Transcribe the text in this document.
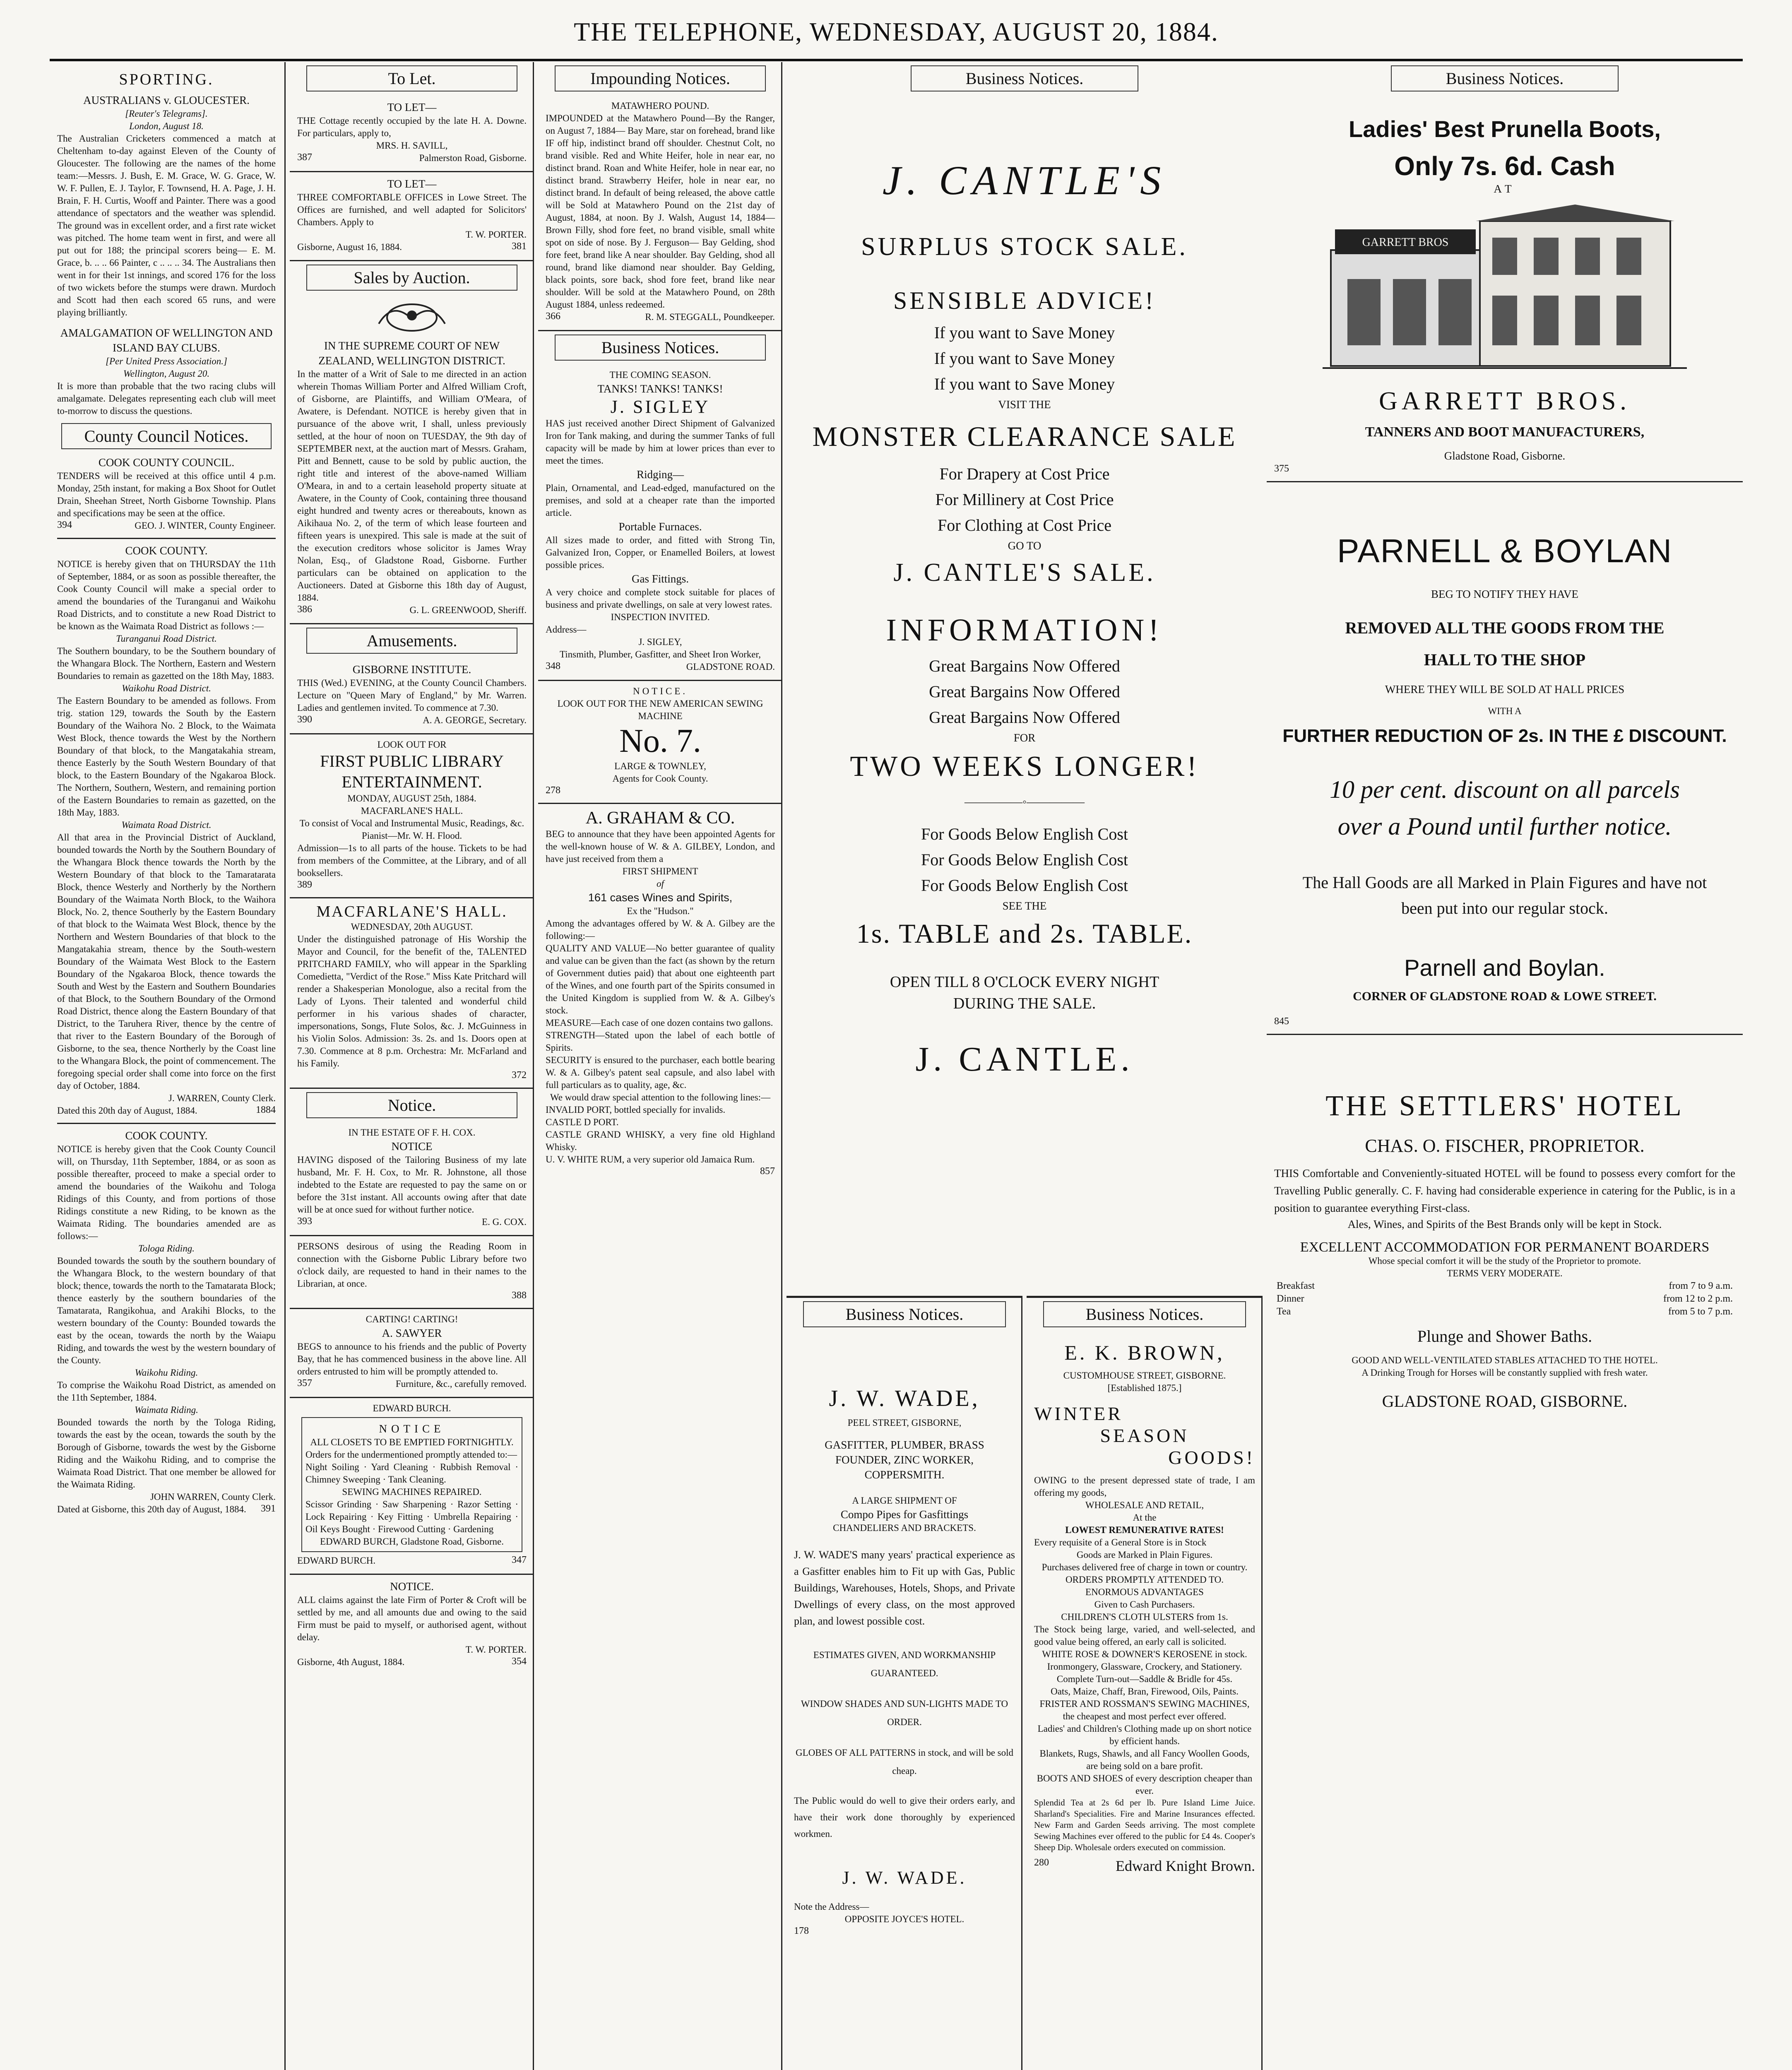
THE TELEPHONE, WEDNESDAY, AUGUST 20, 1884.
SPORTING.
AUSTRALIANS v. GLOUCESTER.
[Reuter's Telegrams].
London, August 18.
The Australian Cricketers commenced a match at Cheltenham to-day against Eleven of the County of Gloucester. The following are the names of the home team:—Messrs. J. Bush, E. M. Grace, W. G. Grace, W. W. F. Pullen, E. J. Taylor, F. Townsend, H. A. Page, J. H. Brain, F. H. Curtis, Wooff and Painter. There was a good attendance of spectators and the weather was splendid. The ground was in excellent order, and a first rate wicket was pitched. The home team went in first, and were all put out for 188; the principal scorers being— E. M. Grace, b. .. .. 66 Painter, c .. .. .. 34. The Australians then went in for their 1st innings, and scored 176 for the loss of two wickets before the stumps were drawn. Murdoch and Scott had then each scored 65 runs, and were playing brilliantly.
AMALGAMATION OF WELLINGTON AND ISLAND BAY CLUBS.
[Per United Press Association.]
Wellington, August 20.
It is more than probable that the two racing clubs will amalgamate. Delegates representing each club will meet to-morrow to discuss the questions.
County Council Notices.
COOK COUNTY COUNCIL.
TENDERS will be received at this office until 4 p.m. Monday, 25th instant, for making a Box Shoot for Outlet Drain, Sheehan Street, North Gisborne Township. Plans and specifications may be seen at the office.
394	GEO. J. WINTER, County Engineer.
COOK COUNTY.
NOTICE is hereby given that on THURSDAY the 11th of September, 1884, or as soon as possible thereafter, the Cook County Council will make a special order to amend the boundaries of the Turanganui and Waikohu Road Districts, and to constitute a new Road District to be known as the Waimata Road District as follows :—
Turanganui Road District.
The Southern boundary, to be the Southern boundary of the Whangara Block. The Northern, Eastern and Western Boundaries to remain as gazetted on the 18th May, 1883.
Waikohu Road District.
The Eastern Boundary to be amended as follows. From trig. station 129, towards the South by the Eastern Boundary of the Waihora No. 2 Block, to the Waimata West Block, thence towards the West by the Northern Boundary of that block, to the Mangatakahia stream, thence Easterly by the South Western Boundary of that block, to the Eastern Boundary of the Ngakaroa Block. The Northern, Southern, Western, and remaining portion of the Eastern Boundaries to remain as gazetted, on the 18th May, 1883.
Waimata Road District.
All that area in the Provincial District of Auckland, bounded towards the North by the Southern Boundary of the Whangara Block thence towards the North by the Western Boundary of that block to the Tamaratarata Block, thence Westerly and Northerly by the Northern Boundary of the Waimata North Block, to the Waihora Block, No. 2, thence Southerly by the Eastern Boundary of that block to the Waimata West Block, thence by the Northern and Western Boundaries of that block to the Mangatakahia stream, thence by the South-western Boundary of the Waimata West Block to the Eastern Boundary of the Ngakaroa Block, thence towards the South and West by the Eastern and Southern Boundaries of that Block, to the Southern Boundary of the Ormond Road District, thence along the Eastern Boundary of that District, to the Taruhera River, thence by the centre of that river to the Eastern Boundary of the Borough of Gisborne, to the sea, thence Northerly by the Coast line to the Whangara Block, the point of commencement. The foregoing special order shall come into force on the first day of October, 1884.
J. WARREN, County Clerk.
Dated this 20th day of August, 1884.	1884
COOK COUNTY.
NOTICE is hereby given that the Cook County Council will, on Thursday, 11th September, 1884, or as soon as possible thereafter, proceed to make a special order to amend the boundaries of the Waikohu and Tologa Ridings of this County, and from portions of those Ridings constitute a new Riding, to be known as the Waimata Riding. The boundaries amended are as follows:—
Tologa Riding.
Bounded towards the south by the southern boundary of the Whangara Block, to the western boundary of that block; thence, towards the north to the Tamatarata Block; thence easterly by the southern boundaries of the Tamatarata, Rangikohua, and Arakihi Blocks, to the western boundary of the County: Bounded towards the east by the ocean, towards the north by the Waiapu Riding, and towards the west by the western boundary of the County.
Waikohu Riding.
To comprise the Waikohu Road District, as amended on the 11th September, 1884.
Waimata Riding.
Bounded towards the north by the Tologa Riding, towards the east by the ocean, towards the south by the Borough of Gisborne, towards the west by the Gisborne Riding and the Waikohu Riding, and to comprise the Waimata Road District. That one member be allowed for the Waimata Riding.
JOHN WARREN, County Clerk.
Dated at Gisborne, this 20th day of August, 1884. 391
To Let.
TO LET—
THE Cottage recently occupied by the late H. A. Downe. For particulars, apply to,
MRS. H. SAVILL,
387	Palmerston Road, Gisborne.
TO LET—
THREE COMFORTABLE OFFICES in Lowe Street. The Offices are furnished, and well adapted for Solicitors' Chambers. Apply to
T. W. PORTER.
Gisborne, August 16, 1884.	381
Sales by Auction.
IN THE SUPREME COURT OF NEW ZEALAND, WELLINGTON DISTRICT.
In the matter of a Writ of Sale to me directed in an action wherein Thomas William Porter and Alfred William Croft, of Gisborne, are Plaintiffs, and William O'Meara, of Awatere, is Defendant. NOTICE is hereby given that in pursuance of the above writ, I shall, unless previously settled, at the hour of noon on TUESDAY, the 9th day of SEPTEMBER next, at the auction mart of Messrs. Graham, Pitt and Bennett, cause to be sold by public auction, the right title and interest of the above-named William O'Meara, in and to a certain leasehold property situate at Awatere, in the County of Cook, containing three thousand eight hundred and twenty acres or thereabouts, known as Aikihaua No. 2, of the term of which lease fourteen and fifteen years is unexpired. This sale is made at the suit of the execution creditors whose solicitor is James Wray Nolan, Esq., of Gladstone Road, Gisborne. Further particulars can be obtained on application to the Auctioneers. Dated at Gisborne this 18th day of August, 1884.
386	G. L. GREENWOOD, Sheriff.
Amusements.
GISBORNE INSTITUTE.
THIS (Wed.) EVENING, at the County Council Chambers. Lecture on "Queen Mary of England," by Mr. Warren. Ladies and gentlemen invited. To commence at 7.30.
390	A. A. GEORGE, Secretary.
LOOK OUT FOR
FIRST PUBLIC LIBRARY ENTERTAINMENT.
MONDAY, AUGUST 25th, 1884.
MACFARLANE'S HALL.
To consist of Vocal and Instrumental Music, Readings, &c.
Pianist—Mr. W. H. Flood.
Admission—1s to all parts of the house. Tickets to be had from members of the Committee, at the Library, and of all booksellers.
389
MACFARLANE'S HALL.
WEDNESDAY, 20th AUGUST.
Under the distinguished patronage of His Worship the Mayor and Council, for the benefit of the, TALENTED PRITCHARD FAMILY, who will appear in the Sparkling Comedietta, "Verdict of the Rose." Miss Kate Pritchard will render a Shakesperian Monologue, also a recital from the Lady of Lyons. Their talented and wonderful child performer in his various shades of character, impersonations, Songs, Flute Solos, &c. J. McGuinness in his Violin Solos. Admission: 3s. 2s. and 1s. Doors open at 7.30. Commence at 8 p.m. Orchestra: Mr. McFarland and his Family.
372
Notice.
IN THE ESTATE OF F. H. COX.
NOTICE
HAVING disposed of the Tailoring Business of my late husband, Mr. F. H. Cox, to Mr. R. Johnstone, all those indebted to the Estate are requested to pay the same on or before the 31st instant. All accounts owing after that date will be at once sued for without further notice.
393	E. G. COX.
PERSONS desirous of using the Reading Room in connection with the Gisborne Public Library before two o'clock daily, are requested to hand in their names to the Librarian, at once.
388
CARTING! CARTING!
A. SAWYER
BEGS to announce to his friends and the public of Poverty Bay, that he has commenced business in the above line. All orders entrusted to him will be promptly attended to.
357	Furniture, &c., carefully removed.
EDWARD BURCH.
NOTICE
ALL CLOSETS TO BE EMPTIED FORTNIGHTLY.
Orders for the undermentioned promptly attended to:—
Night Soiling · Yard Cleaning · Rubbish Removal · Chimney Sweeping · Tank Cleaning.
SEWING MACHINES REPAIRED.
Scissor Grinding · Saw Sharpening · Razor Setting · Lock Repairing · Key Fitting · Umbrella Repairing · Oil Keys Bought · Firewood Cutting · Gardening
EDWARD BURCH, Gladstone Road, Gisborne.
EDWARD BURCH.	347
NOTICE.
ALL claims against the late Firm of Porter & Croft will be settled by me, and all amounts due and owing to the said Firm must be paid to myself, or authorised agent, without delay.
T. W. PORTER.
Gisborne, 4th August, 1884.	354
Impounding Notices.
MATAWHERO POUND.
IMPOUNDED at the Matawhero Pound—By the Ranger, on August 7, 1884— Bay Mare, star on forehead, brand like IF off hip, indistinct brand off shoulder. Chestnut Colt, no brand visible. Red and White Heifer, hole in near ear, no distinct brand. Roan and White Heifer, hole in near ear, no distinct brand. Strawberry Heifer, hole in near ear, no distinct brand. In default of being released, the above cattle will be Sold at Matawhero Pound on the 21st day of August, 1884, at noon. By J. Walsh, August 14, 1884— Brown Filly, shod fore feet, no brand visible, small white spot on side of nose. By J. Ferguson— Bay Gelding, shod fore feet, brand like A near shoulder. Bay Gelding, shod all round, brand like diamond near shoulder. Bay Gelding, black points, sore back, shod fore feet, brand like near shoulder. Will be sold at the Matawhero Pound, on 28th August 1884, unless redeemed.
366	R. M. STEGGALL, Poundkeeper.
Business Notices.
THE COMING SEASON.
TANKS! TANKS! TANKS!
J. SIGLEY
HAS just received another Direct Shipment of Galvanized Iron for Tank making, and during the summer Tanks of full capacity will be made by him at lower prices than ever to meet the times.
Ridging—
Plain, Ornamental, and Lead-edged, manufactured on the premises, and sold at a cheaper rate than the imported article.
Portable Furnaces.
All sizes made to order, and fitted with Strong Tin, Galvanized Iron, Copper, or Enamelled Boilers, at lowest possible prices.
Gas Fittings.
A very choice and complete stock suitable for places of business and private dwellings, on sale at very lowest rates.
INSPECTION INVITED.
Address—
J. SIGLEY,
Tinsmith, Plumber, Gasfitter, and Sheet Iron Worker,
348	GLADSTONE ROAD.
NOTICE.
LOOK OUT FOR THE NEW AMERICAN SEWING MACHINE
No. 7.
LARGE & TOWNLEY,
Agents for Cook County.
278
A. GRAHAM & CO.
BEG to announce that they have been appointed Agents for the well-known house of W. & A. GILBEY, London, and have just received from them a
FIRST SHIPMENT
of
161 cases Wines and Spirits,
Ex the "Hudson."
Among the advantages offered by W. & A. Gilbey are the following:—
QUALITY AND VALUE—No better guarantee of quality and value can be given than the fact (as shown by the return of Government duties paid) that about one eighteenth part of the Wines, and one fourth part of the Spirits consumed in the United Kingdom is supplied from W. & A. Gilbey's stock.
MEASURE—Each case of one dozen contains two gallons.
STRENGTH—Stated upon the label of each bottle of Spirits.
SECURITY is ensured to the purchaser, each bottle bearing W. & A. Gilbey's patent seal capsule, and also label with full particulars as to quality, age, &c.
We would draw special attention to the following lines:—
INVALID PORT, bottled specially for invalids.
CASTLE D PORT.
CASTLE GRAND WHISKY, a very fine old Highland Whisky.
U. V. WHITE RUM, a very superior old Jamaica Rum.
857
Business Notices.
J. CANTLE'S
SURPLUS STOCK SALE.
SENSIBLE ADVICE!
If you want to Save Money
If you want to Save Money
If you want to Save Money
VISIT THE
MONSTER CLEARANCE SALE
For Drapery at Cost Price
For Millinery at Cost Price
For Clothing at Cost Price
GO TO
J. CANTLE'S SALE.
INFORMATION!
Great Bargains Now Offered
Great Bargains Now Offered
Great Bargains Now Offered
FOR
TWO WEEKS LONGER!
—————◦—————
For Goods Below English Cost
For Goods Below English Cost
For Goods Below English Cost
SEE THE
1s. TABLE and 2s. TABLE.
OPEN TILL 8 O'CLOCK EVERY NIGHT DURING THE SALE.
J. CANTLE.
Business Notices.
J. W. WADE,
PEEL STREET, GISBORNE,
GASFITTER, PLUMBER, BRASS
FOUNDER, ZINC WORKER,
COPPERSMITH.
A LARGE SHIPMENT OF
Compo Pipes for Gasfittings
CHANDELIERS AND BRACKETS.
J. W. WADE'S many years' practical experience as a Gasfitter enables him to Fit up with Gas, Public Buildings, Warehouses, Hotels, Shops, and Private Dwellings of every class, on the most approved plan, and lowest possible cost.
ESTIMATES GIVEN, AND WORKMANSHIP GUARANTEED.
WINDOW SHADES AND SUN-LIGHTS MADE TO ORDER.
GLOBES OF ALL PATTERNS in stock, and will be sold cheap.
The Public would do well to give their orders early, and have their work done thoroughly by experienced workmen.
J. W. WADE.
Note the Address—
OPPOSITE JOYCE'S HOTEL.
178
Business Notices.
E. K. BROWN,
CUSTOMHOUSE STREET, GISBORNE.
[Established 1875.]
WINTER
SEASON
GOODS!
OWING to the present depressed state of trade, I am offering my goods,
WHOLESALE AND RETAIL,
At the
LOWEST REMUNERATIVE RATES!
Every requisite of a General Store is in Stock
Goods are Marked in Plain Figures.
Purchases delivered free of charge in town or country.
ORDERS PROMPTLY ATTENDED TO.
ENORMOUS ADVANTAGES
Given to Cash Purchasers.
CHILDREN'S CLOTH ULSTERS from 1s.
The Stock being large, varied, and well-selected, and good value being offered, an early call is solicited.
WHITE ROSE & DOWNER'S KEROSENE in stock.
Ironmongery, Glassware, Crockery, and Stationery.
Complete Turn-out—Saddle & Bridle for 45s.
Oats, Maize, Chaff, Bran, Firewood, Oils, Paints.
FRISTER AND ROSSMAN'S SEWING MACHINES, the cheapest and most perfect ever offered.
Ladies' and Children's Clothing made up on short notice by efficient hands.
Blankets, Rugs, Shawls, and all Fancy Woollen Goods, are being sold on a bare profit.
BOOTS AND SHOES of every description cheaper than ever.
Splendid Tea at 2s 6d per lb. Pure Island Lime Juice. Sharland's Specialities. Fire and Marine Insurances effected. New Farm and Garden Seeds arriving. The most complete Sewing Machines ever offered to the public for £4 4s. Cooper's Sheep Dip. Wholesale orders executed on commission.
280	Edward Knight Brown.
Business Notices.
Ladies' Best Prunella Boots,
Only 7s. 6d. Cash
AT
GARRETT BROS
GARRETT BROS.
TANNERS AND BOOT MANUFACTURERS,
Gladstone Road, Gisborne.
375
PARNELL & BOYLAN
BEG TO NOTIFY THEY HAVE
REMOVED ALL THE GOODS FROM THE
HALL TO THE SHOP
WHERE THEY WILL BE SOLD AT HALL PRICES
WITH A
FURTHER REDUCTION OF 2s. IN THE £ DISCOUNT.
10 per cent. discount on all parcels
over a Pound until further notice.
The Hall Goods are all Marked in Plain Figures and have not been put into our regular stock.
Parnell and Boylan.
CORNER OF GLADSTONE ROAD & LOWE STREET.
845
THE SETTLERS' HOTEL
CHAS. O. FISCHER, PROPRIETOR.
THIS Comfortable and Conveniently-situated HOTEL will be found to possess every comfort for the Travelling Public generally. C. F. having had considerable experience in catering for the Public, is in a position to guarantee everything First-class.
Ales, Wines, and Spirits of the Best Brands only will be kept in Stock.
EXCELLENT ACCOMMODATION FOR PERMANENT BOARDERS
Whose special comfort it will be the study of the Proprietor to promote.
TERMS VERY MODERATE.
Breakfast	from 7 to 9 a.m.
Dinner	from 12 to 2 p.m.
Tea	from 5 to 7 p.m.
Plunge and Shower Baths.
GOOD AND WELL-VENTILATED STABLES ATTACHED TO THE HOTEL.
A Drinking Trough for Horses will be constantly supplied with fresh water.
GLADSTONE ROAD, GISBORNE.
